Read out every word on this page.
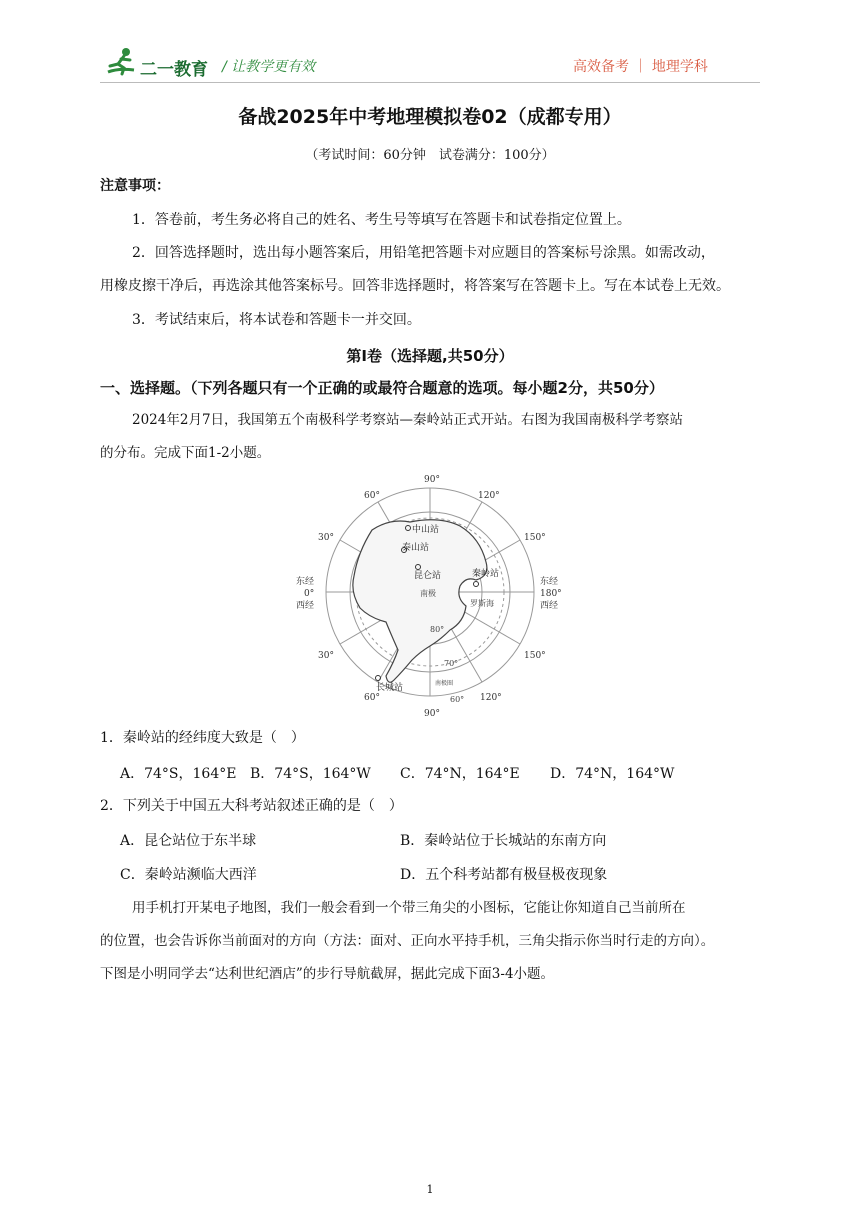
二一教育 / 让教学更有效	高效备考 ｜ 地理学科
备战2025年中考地理模拟卷02（成都专用）
（考试时间：60分钟　试卷满分：100分）
注意事项：
1．答卷前，考生务必将自己的姓名、考生号等填写在答题卡和试卷指定位置上。
2．回答选择题时，选出每小题答案后，用铅笔把答题卡对应题目的答案标号涂黑。如需改动，
用橡皮擦干净后，再选涂其他答案标号。回答非选择题时，将答案写在答题卡上。写在本试卷上无效。
3．考试结束后，将本试卷和答题卡一并交回。
第Ⅰ卷（选择题,共50分）
一、选择题。（下列各题只有一个正确的或最符合题意的选项。每小题2分，共50分）
2024年2月7日，我国第五个南极科学考察站—秦岭站正式开站。右图为我国南极科学考察站
的分布。完成下面1-2小题。
90°
120°
150°
东经
180°
西经
150°
120°
90°
60°
30°
东经
0°
西经
30°
60°
中山站
泰山站
昆仑站	秦岭站
长城站
南极
罗斯海
80°
70°
南极圈
60°
1．秦岭站的经纬度大致是（　）
A．74°S，164°E B．74°S，164°W C．74°N，164°E D．74°N，164°W
2．下列关于中国五大科考站叙述正确的是（　）
A．昆仑站位于东半球	B．秦岭站位于长城站的东南方向
C．秦岭站濒临大西洋	D．五个科考站都有极昼极夜现象
用手机打开某电子地图，我们一般会看到一个带三角尖的小图标，它能让你知道自己当前所在
的位置，也会告诉你当前面对的方向（方法：面对、正向水平持手机，三角尖指示你当时行走的方向）。
下图是小明同学去“达利世纪酒店”的步行导航截屏，据此完成下面3-4小题。
1
